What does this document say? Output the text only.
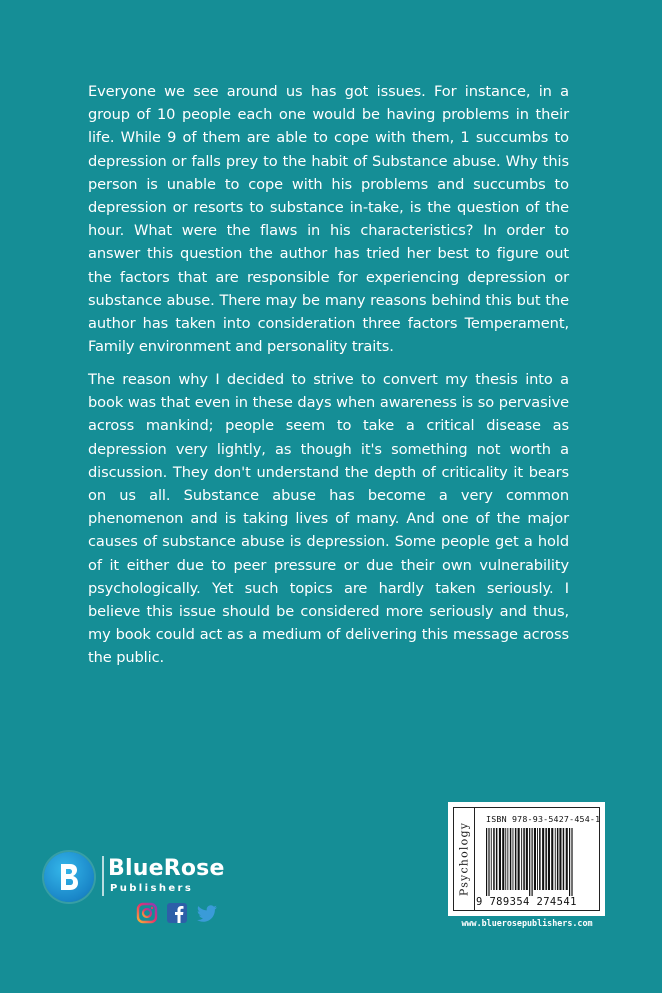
Everyone we see around us has got issues. For instance, in a group of 10 people each one would be having problems in their life. While 9 of them are able to cope with them, 1 succumbs to depression or falls prey to the habit of Substance abuse. Why this person is unable to cope with his problems and succumbs to depression or resorts to substance in-take, is the question of the hour. What were the flaws in his characteristics? In order to answer this question the author has tried her best to figure out the factors that are responsible for experiencing depression or substance abuse. There may be many reasons behind this but the author has taken into consideration three factors Temperament, Family environment and personality traits.

The reason why I decided to strive to convert my thesis into a book was that even in these days when awareness is so pervasive across mankind; people seem to take a critical disease as depression very lightly, as though it's something not worth a discussion. They don't understand the depth of criticality it bears on us all. Substance abuse has become a very common phenomenon and is taking lives of many. And one of the major causes of substance abuse is depression. Some people get a hold of it either due to peer pressure or due their own vulnerability psychologically. Yet such topics are hardly taken seriously. I believe this issue should be considered more seriously and thus, my book could act as a medium of delivering this message across the public.

BlueRose
Publishers	Psychology
ISBN 978-93-5427-454-1
9 789354 274541
www.bluerosepublishers.com
